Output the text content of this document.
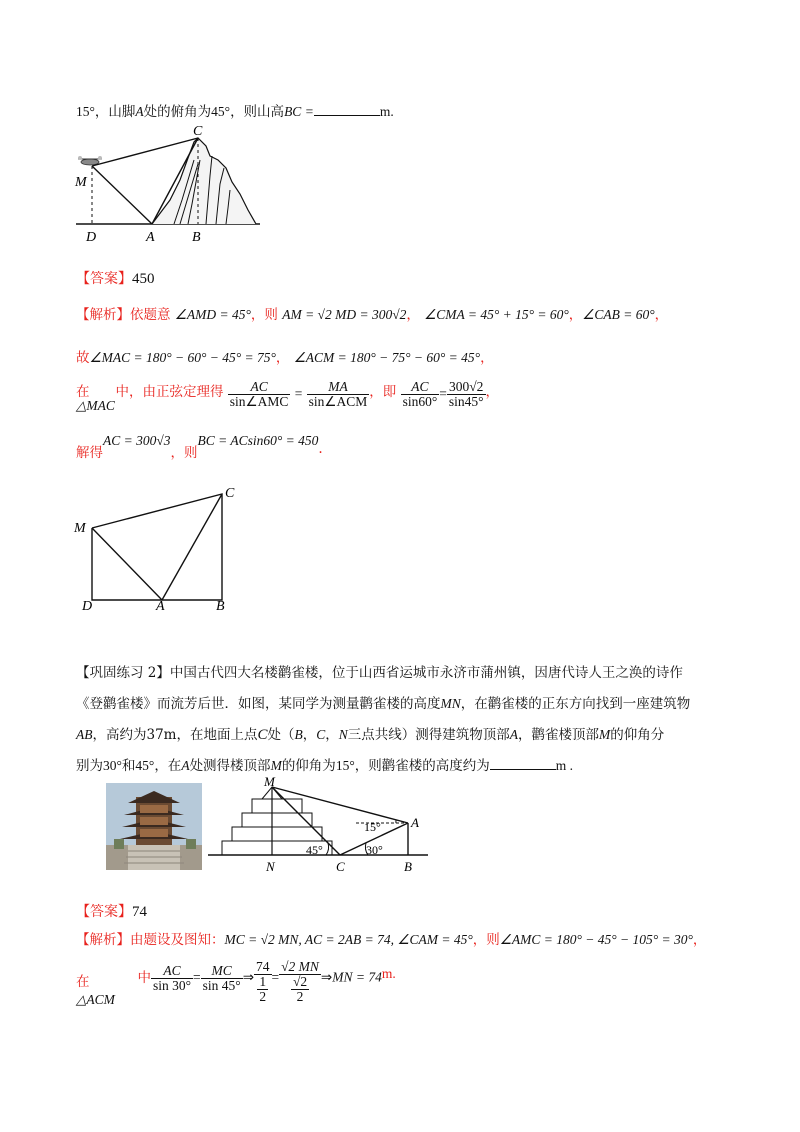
15°，山脚A处的俯角为45°，则山高BC =	m.
C
M
D	A	B
【答案】450
【解析】依题意 ∠AMD = 45°，则 AM = √2 MD = 300√2， ∠CMA = 45° + 15° = 60°，∠CAB = 60°，
故∠MAC = 180° − 60° − 45° = 75°， ∠ACM = 180° − 75° − 60° = 45°，
在 中，由正弦定理得 $\frac{AC}{\text{sin∠AMC}} = \frac{MA}{\text{sin∠ACM}}$ ，即 $\frac{AC}{\sin 60^\circ} = \frac{300√2}{\sin 45^\circ}$ ，
△MAC
解得AC = 300√3，则BC = ACsin60° = 450.
M
C
D	A	B
【巩固练习 2】中国古代四大名楼鹳雀楼，位于山西省运城市永济市蒲州镇，因唐代诗人王之涣的诗作
《登鹳雀楼》而流芳后世．如图，某同学为测量鹳雀楼的高度MN，在鹳雀楼的正东方向找到一座建筑物
AB，高约为37m，在地面上点C处（B，C，N三点共线）测得建筑物顶部A，鹳雀楼顶部M的仰角分
别为30°和45°，在A处测得楼顶部M的仰角为15°，则鹳雀楼的高度约为	m .
M
A
N	C	B
15°
45°	30°
【答案】74
【解析】由题设及图知：MC = √2 MN, AC = 2AB = 74, ∠CAM = 45°，则∠AMC = 180° − 45° − 105° = 30°，
在	中 $\frac{AC}{\sin 30^\circ} = \frac{MC}{\sin 45^\circ}$ ⇒ $\frac{74}{\frac{1}{2}} = \frac{√2 MN}{\frac{√2}{2}}$ ⇒MN = 74m.
△ACM
